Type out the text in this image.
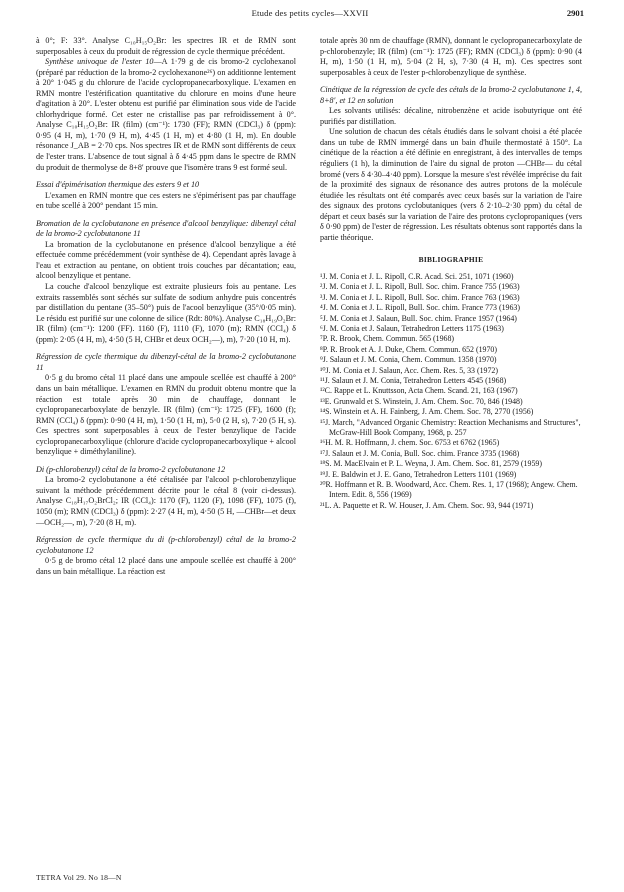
Etude des petits cycles—XXVII	2901

à 0°; F: 33°. Analyse C₁₀H₁₅O₂Br: les spectres IR et de RMN sont superposables à ceux du produit de régression de cycle thermique précédent.

Synthèse univoque de l'ester 10—A 1·79 g de cis bromo-2 cyclohexanol (préparé par réduction de la bromo-2 cyclohexanone²⁶) on additionne lentement à 20° 1·045 g du chlorure de l'acide cyclopropanecarboxylique. L'examen en RMN montre l'estérification quantitative du chlorure en moins d'une heure d'agitation à 20°. L'ester obtenu est purifié par élimination sous vide de l'acide chlorhydrique formé. Cet ester ne cristallise pas par refroidissement à 0°. Analyse C₁₀H₁₅O₂Br: IR (film) (cm⁻¹): 1730 (FF); RMN (CDCl₃) δ (ppm): 0·95 (4 H, m), 1·70 (9 H, m), 4·45 (1 H, m) et 4·80 (1 H, m). En double résonance J_AB = 2·70 cps. Nos spectres IR et de RMN sont différents de ceux de l'ester trans. L'absence de tout signal à δ 4·45 ppm dans le spectre de RMN du produit de thermolyse de 8+8′ prouve que l'isomère trans 9 est formé seul.

Essai d'épimérisation thermique des esters 9 et 10

L'examen en RMN montre que ces esters ne s'épimérisent pas par chauffage en tube scellé à 200° pendant 15 min.

Bromation de la cyclobutanone en présence d'alcool benzylique: dibenzyl cétal de la bromo-2 cyclobutanone 11

La bromation de la cyclobutanone en présence d'alcool benzylique a été effectuée comme précédemment (voir synthèse de 4). Cependant après lavage à l'eau et extraction au pentane, on obtient trois couches par décantation; eau, alcool benzylique et pentane.

La couche d'alcool benzylique est extraite plusieurs fois au pentane. Les extraits rassemblés sont séchés sur sulfate de sodium anhydre puis concentrés par distillation du pentane (35–50°) puis de l'acool benzylique (35°/0·05 min). Le résidu est purifié sur une colonne de silice (Rdt: 80%). Analyse C₁₈H₁₉O₂Br: IR (film) (cm⁻¹): 1200 (FF). 1160 (F), 1110 (F), 1070 (m); RMN (CCl₄) δ (ppm): 2·05 (4 H, m), 4·50 (5 H, CHBr et deux OCH₂—), m), 7·20 (10 H, m).

Régression de cycle thermique du dibenzyl-cétal de la bromo-2 cyclobutanone 11

0·5 g du bromo cétal 11 placé dans une ampoule scellée est chauffé à 200° dans un bain métallique. L'examen en RMN du produit obtenu montre que la réaction est totale après 30 min de chauffage, donnant le cyclopropanecarboxylate de benzyle. IR (film) (cm⁻¹): 1725 (FF), 1600 (f); RMN (CCl₄) δ (ppm): 0·90 (4 H, m), 1·50 (1 H, m), 5·0 (2 H, s), 7·20 (5 H, s). Ces spectres sont superposables à ceux de l'ester benzylique de l'acide cyclopropanecarboxylique (chlorure d'acide cyclopropanecarboxylique + alcool benzylique + diméthylaniline).

Di (p-chlorobenzyl) cétal de la bromo-2 cyclobutanone 12

La bromo-2 cyclobutanone a été cétalisée par l'alcool p-chlorobenzylique suivant la méthode précédemment décrite pour le cétal 8 (voir ci-dessus). Analyse C₁₈H₁₇O₂BrCl₂; IR (CCl₄): 1170 (F), 1120 (F), 1098 (FF), 1075 (f), 1050 (m); RMN (CDCl₃) δ (ppm): 2·27 (4 H, m), 4·50 (5 H, —CHBr—et deux —OCH₂—, m), 7·20 (8 H, m).

Régression de cycle thermique du di (p-chlorobenzyl) cétal de la bromo-2 cyclobutanone 12

0·5 g de bromo cétal 12 placé dans une ampoule scellée est chauffé à 200° dans un bain métallique. La réaction est

totale après 30 nm de chauffage (RMN), donnant le cyclopropanecarboxylate de p-chlorobenzyle; IR (film) (cm⁻¹): 1725 (FF); RMN (CDCl₃) δ (ppm): 0·90 (4 H, m), 1·50 (1 H, m), 5·04 (2 H, s), 7·30 (4 H, m). Ces spectres sont superposables à ceux de l'ester p-chlorobenzylique de synthèse.

Cinétique de la régression de cycle des cétals de la bromo-2 cyclobutanone 1, 4, 8+8′, et 12 en solution

Les solvants utilisés: décaline, nitrobenzène et acide isobutyrique ont été purifiés par distillation.

Une solution de chacun des cétals étudiés dans le solvant choisi a été placée dans un tube de RMN immergé dans un bain d'huile thermostaté à 150°. La cinétique de la réaction a été définie en enregistrant, à des intervalles de temps réguliers (1 h), la diminution de l'aire du signal de proton —CHBr— du cétal bromé (vers δ 4·30–4·40 ppm). Lorsque la mesure s'est révélée imprécise du fait de la proximité des signaux de résonance des autres protons de la molécule étudiée les résultats ont été comparés avec ceux basés sur la variation de l'aire des signaux des protons cyclobutaniques (vers δ 2·10–2·30 ppm) du cétal de départ et ceux basés sur la variation de l'aire des protons cyclopropaniques (vers δ 0·90 ppm) de l'ester de régression. Les résultats obtenus sont rapportés dans la partie théorique.

BIBLIOGRAPHIE
¹J. M. Conia et J. L. Ripoll, C.R. Acad. Sci. 251, 1071 (1960)
²J. M. Conia et J. L. Ripoll, Bull. Soc. chim. France 755 (1963)
³J. M. Conia et J. L. Ripoll, Bull. Soc. chim. France 763 (1963)
⁴J. M. Conia et J. L. Ripoll, Bull. Soc. chim. France 773 (1963)
⁵J. M. Conia et J. Salaun, Bull. Soc. chim. France 1957 (1964)
⁶J. M. Conia et J. Salaun, Tetrahedron Letters 1175 (1963)
⁷P. R. Brook, Chem. Commun. 565 (1968)
⁸P. R. Brook et A. J. Duke, Chem. Commun. 652 (1970)
⁹J. Salaun et J. M. Conia, Chem. Commun. 1358 (1970)
¹⁰J. M. Conia et J. Salaun, Acc. Chem. Res. 5, 33 (1972)
¹¹J. Salaun et J. M. Conia, Tetrahedron Letters 4545 (1968)
¹²C. Rappe et L. Knuttsson, Acta Chem. Scand. 21, 163 (1967)
¹³E. Grunwald et S. Winstein, J. Am. Chem. Soc. 70, 846 (1948)
¹⁴S. Winstein et A. H. Fainberg, J. Am. Chem. Soc. 78, 2770 (1956)
¹⁵J. March, "Advanced Organic Chemistry: Reaction Mechanisms and Structures", McGraw-Hill Book Company, 1968, p. 257
¹⁶H. M. R. Hoffmann, J. chem. Soc. 6753 et 6762 (1965)
¹⁷J. Salaun et J. M. Conia, Bull. Soc. chim. France 3735 (1968)
¹⁸S. M. MacElvain et P. L. Weyna, J. Am. Chem. Soc. 81, 2579 (1959)
¹⁹J. E. Baldwin et J. E. Gano, Tetrahedron Letters 1101 (1969)
²⁰R. Hoffmann et R. B. Woodward, Acc. Chem. Res. 1, 17 (1968); Angew. Chem. Intern. Edit. 8, 556 (1969)
²¹L. A. Paquette et R. W. Houser, J. Am. Chem. Soc. 93, 944 (1971)
TETRA Vol 29. No 18—N
